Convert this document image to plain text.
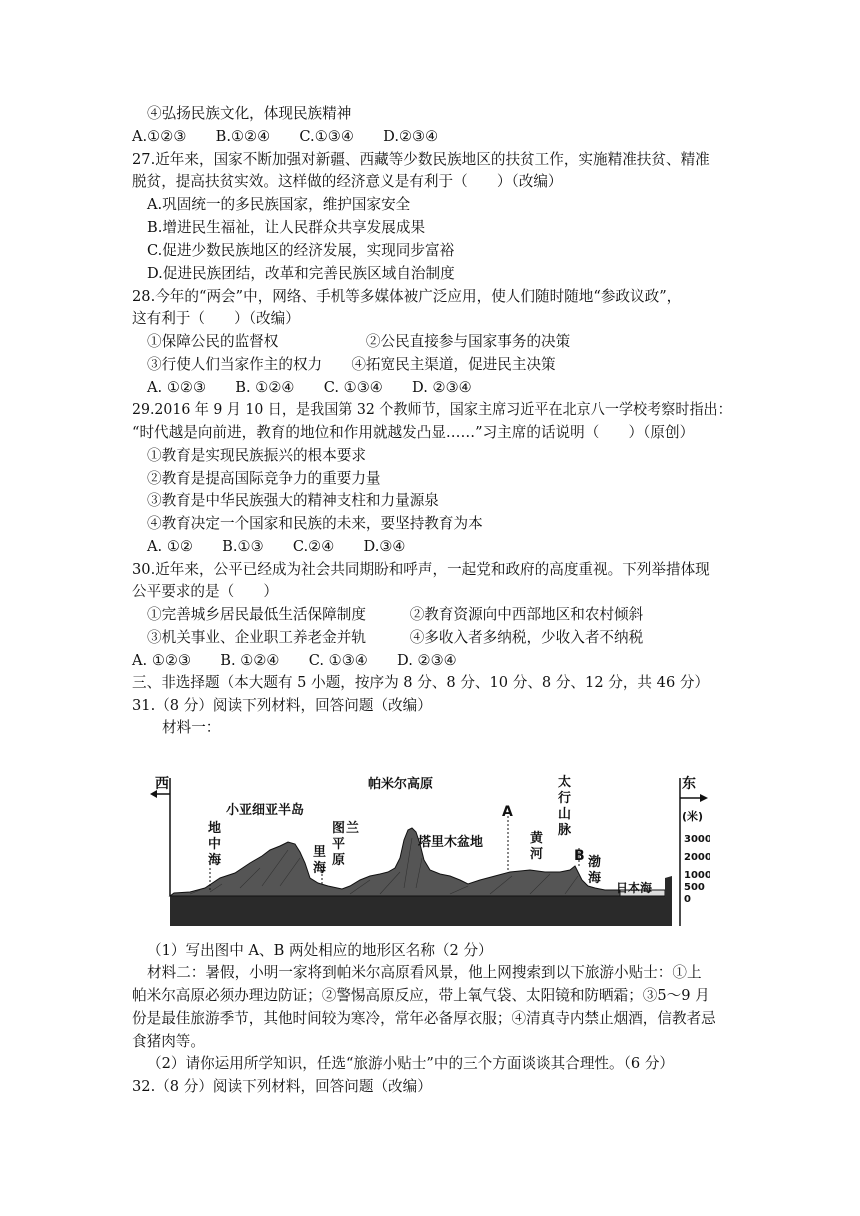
④弘扬民族文化，体现民族精神
A.①②③　　B.①②④　　C.①③④　　D.②③④
27.近年来，国家不断加强对新疆、西藏等少数民族地区的扶贫工作，实施精准扶贫、精准
脱贫，提高扶贫实效。这样做的经济意义是有利于（　　）（改编）
A.巩固统一的多民族国家，维护国家安全
B.增进民生福祉，让人民群众共享发展成果
C.促进少数民族地区的经济发展，实现同步富裕
D.促进民族团结，改革和完善民族区域自治制度
28.今年的“两会”中，网络、手机等多媒体被广泛应用，使人们随时随地“参政议政”，
这有利于（　　）（改编）
①保障公民的监督权　　　　　　②公民直接参与国家事务的决策
③行使人们当家作主的权力　　④拓宽民主渠道，促进民主决策
A. ①②③　　B. ①②④　　C. ①③④　　D. ②③④
29.2016 年 9 月 10 日，是我国第 32 个教师节，国家主席习近平在北京八一学校考察时指出：
“时代越是向前进，教育的地位和作用就越发凸显……”习主席的话说明（　　）（原创）
①教育是实现民族振兴的根本要求
②教育是提高国际竞争力的重要力量
③教育是中华民族强大的精神支柱和力量源泉
④教育决定一个国家和民族的未来，要坚持教育为本
A. ①②　　B.①③　　C.②④　　D.③④
30.近年来，公平已经成为社会共同期盼和呼声，一起党和政府的高度重视。下列举措体现
公平要求的是（　　）
①完善城乡居民最低生活保障制度　　　②教育资源向中西部地区和农村倾斜
③机关事业、企业职工养老金并轨　　　④多收入者多纳税，少收入者不纳税
A. ①②③　　B. ①②④　　C. ①③④　　D. ②③④
三、非选择题（本大题有 5 小题，按序为 8 分、8 分、10 分、8 分、12 分，共 46 分）
31.（8 分）阅读下列材料，回答问题（改编）
材料一：
西	东
(米)
3000
2000
1000
500
0
地中海
小亚细亚半岛
里海
图兰 平原
帕米尔高原
塔里木盆地
A
黄河
太行 山脉
B 渤海
日本海
（1）写出图中 A、B 两处相应的地形区名称（2 分）
材料二：暑假，小明一家将到帕米尔高原看风景，他上网搜索到以下旅游小贴士：①上
帕米尔高原必须办理边防证；②警惕高原反应，带上氧气袋、太阳镜和防晒霜；③5～9 月
份是最佳旅游季节，其他时间较为寒冷，常年必备厚衣服；④清真寺内禁止烟酒，信教者忌
食猪肉等。
（2）请你运用所学知识，任选“旅游小贴士”中的三个方面谈谈其合理性。（6 分）
32.（8 分）阅读下列材料，回答问题（改编）
